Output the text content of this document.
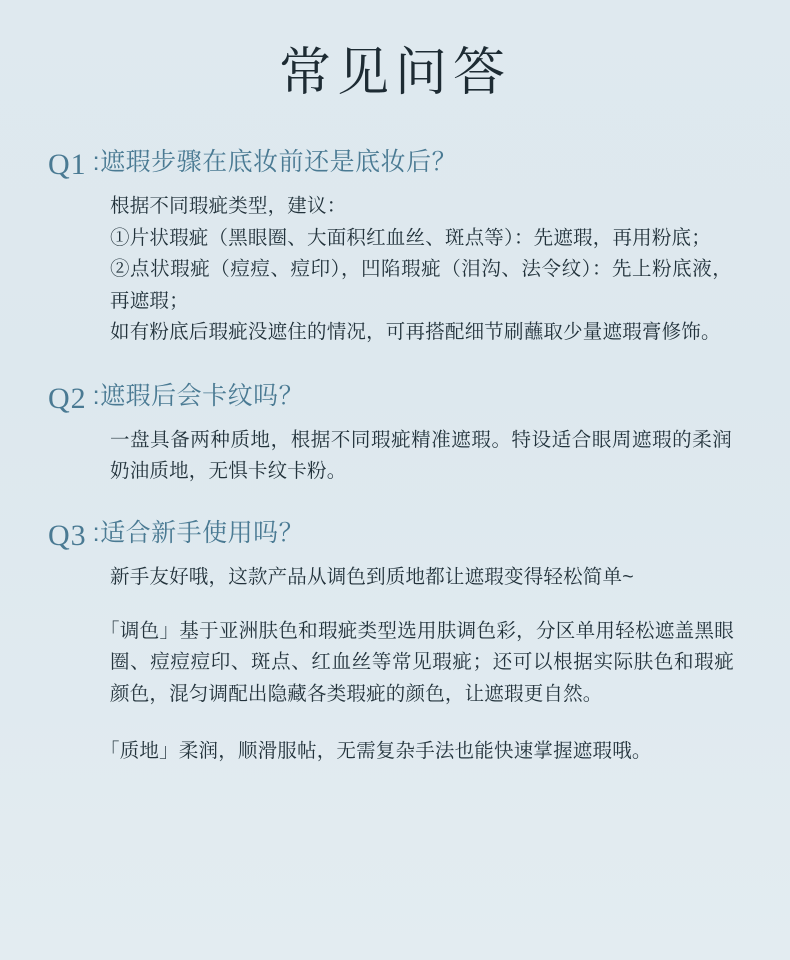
常见问答
Q1 :遮瑕步骤在底妆前还是底妆后？

根据不同瑕疵类型，建议：

①片状瑕疵（黑眼圈、大面积红血丝、斑点等）：先遮瑕，再用粉底；

②点状瑕疵（痘痘、痘印），凹陷瑕疵（泪沟、法令纹）：先上粉底液，再遮瑕；

如有粉底后瑕疵没遮住的情况，可再搭配细节刷蘸取少量遮瑕膏修饰。

Q2 :遮瑕后会卡纹吗？

一盘具备两种质地，根据不同瑕疵精准遮瑕。特设适合眼周遮瑕的柔润奶油质地，无惧卡纹卡粉。

Q3 :适合新手使用吗？

新手友好哦，这款产品从调色到质地都让遮瑕变得轻松简单~

「调色」基于亚洲肤色和瑕疵类型选用肤调色彩，分区单用轻松遮盖黑眼圈、痘痘痘印、斑点、红血丝等常见瑕疵；还可以根据实际肤色和瑕疵颜色，混匀调配出隐藏各类瑕疵的颜色，让遮瑕更自然。
「质地」柔润，顺滑服帖，无需复杂手法也能快速掌握遮瑕哦。
